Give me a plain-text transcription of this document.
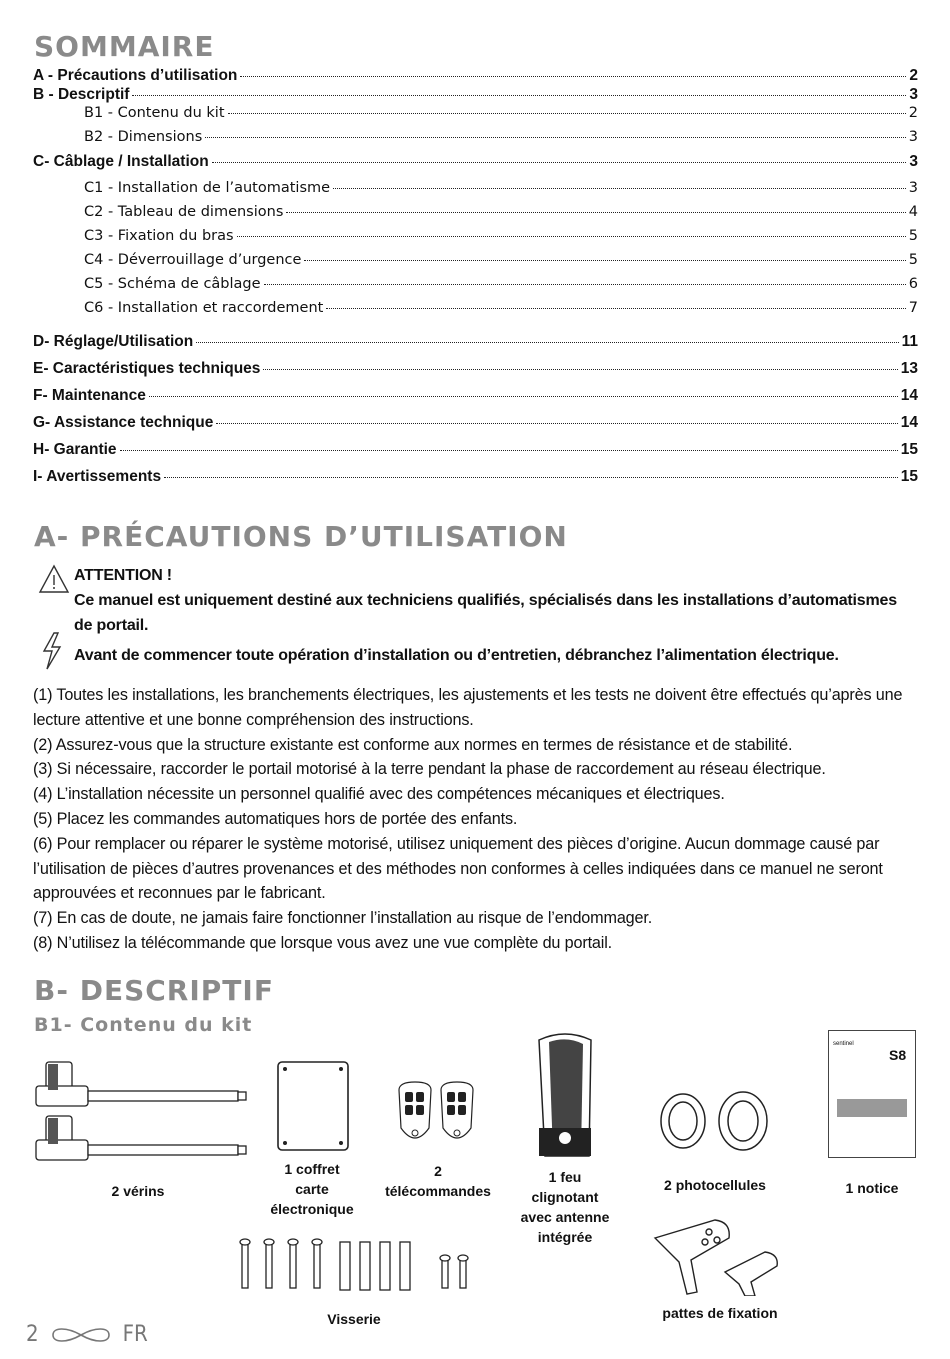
SOMMAIRE
A - Précautions d’utilisation	2
B - Descriptif	3
B1 - Contenu du kit	2
B2 - Dimensions	3
C- Câblage / Installation	3
C1 - Installation de l’automatisme	3
C2 - Tableau de dimensions	4
C3 - Fixation du bras	5
C4 - Déverrouillage d’urgence	5
C5 - Schéma de câblage	6
C6 - Installation et raccordement	7
D- Réglage/Utilisation	11
E- Caractéristiques techniques	13
F- Maintenance	14
G- Assistance technique	14
H- Garantie	15
I- Avertissements	15
A- PRÉCAUTIONS D’UTILISATION
ATTENTION !
Ce manuel est uniquement destiné aux techniciens qualifiés, spécialisés dans les installations d’automatismes de portail.
Avant de commencer toute opération d’installation ou d’entretien, débranchez l’alimentation électrique.

(1) Toutes les installations, les branchements électriques, les ajustements et les tests ne doivent être effectués qu’après une lecture attentive et une bonne compréhension des instructions.

(2) Assurez-vous que la structure existante est conforme aux normes en termes de résistance et de stabilité.

(3) Si nécessaire, raccorder le portail motorisé à la terre pendant la phase de raccordement au réseau électrique.

(4) L’installation nécessite un personnel qualifié avec des compétences mécaniques et électriques.

(5) Placez les commandes automatiques hors de portée des enfants.

(6) Pour remplacer ou réparer le système motorisé, utilisez uniquement des pièces d’origine. Aucun dommage causé par l’utilisation de pièces d’autres provenances et des méthodes non conformes à celles indiquées dans ce manuel ne seront approuvées et reconnues par le fabricant.

(7) En cas de doute, ne jamais faire fonctionner l’installation au risque de l’endommager.

(8) N’utilisez la télécommande que lorsque vous avez une vue complète du portail.

B- DESCRIPTIF
B1- Contenu du kit
2 vérins
1 coffret
carte
électronique
2
télécommandes
1 feu
clignotant
avec antenne
intégrée
2 photocellules
sentinel
S8
1 notice
Visserie	pattes de fixation
2	FR
